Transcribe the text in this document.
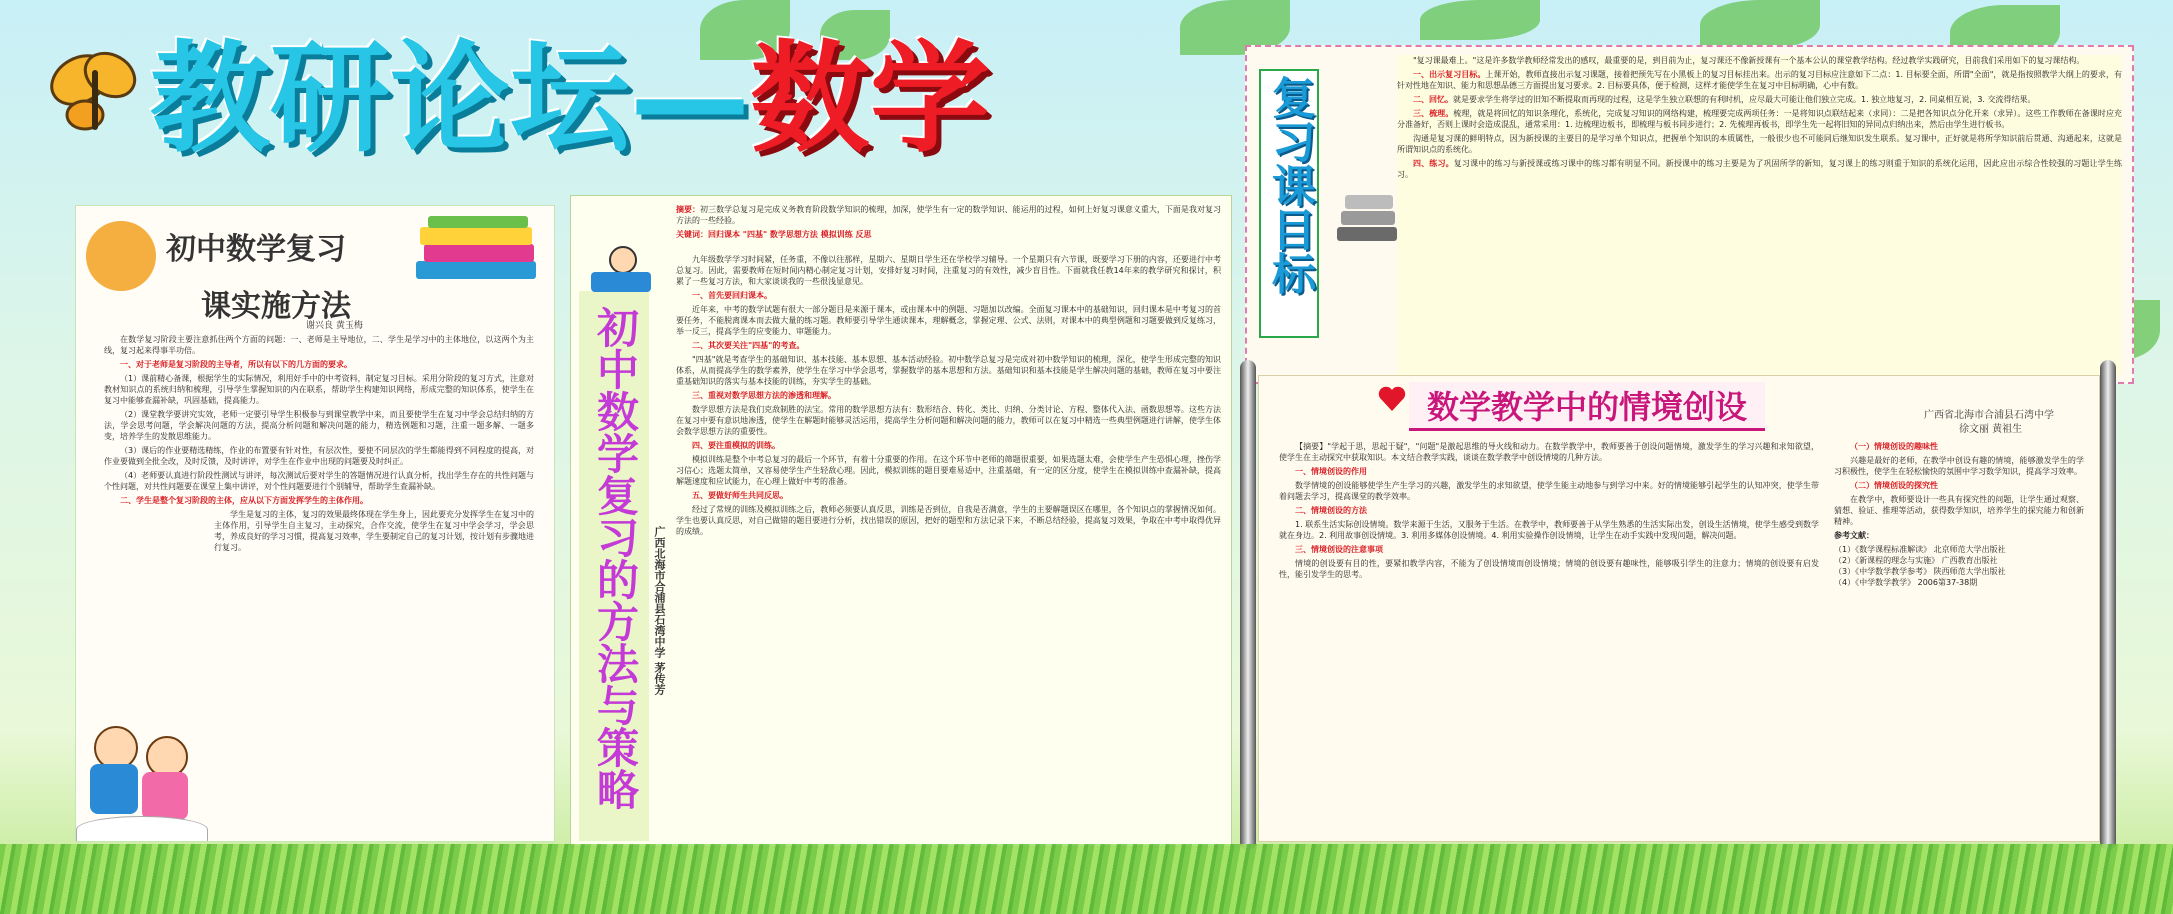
教研论坛—数学
初中数学复习
课实施方法
谢兴良 黄玉梅

在数学复习阶段主要注意抓住两个方面的问题：一、老师是主导地位，二、学生是学习中的主体地位，以这两个为主线，复习起来得事半功倍。

一、对于老师是复习阶段的主导者，所以有以下的几方面的要求。

（1）课前精心备课，根据学生的实际情况，利用好手中的中考资料，制定复习目标。采用分阶段的复习方式，注意对教材知识点的系统归纳和梳理，引导学生掌握知识的内在联系，帮助学生构建知识网络，形成完整的知识体系，使学生在复习中能够查漏补缺，巩固基础，提高能力。

（2）课堂教学要讲究实效，老师一定要引导学生积极参与到课堂教学中来，而且要使学生在复习中学会总结归纳的方法，学会思考问题，学会解决问题的方法，提高分析问题和解决问题的能力，精选例题和习题，注重一题多解、一题多变，培养学生的发散思维能力。

（3）课后的作业要精选精练，作业的布置要有针对性，有层次性，要使不同层次的学生都能得到不同程度的提高，对作业要做到全批全改，及时反馈，及时讲评，对学生在作业中出现的问题要及时纠正。

（4）老师要认真进行阶段性测试与讲评，每次测试后要对学生的答题情况进行认真分析，找出学生存在的共性问题与个性问题，对共性问题要在课堂上集中讲评，对个性问题要进行个别辅导，帮助学生查漏补缺。

二、学生是整个复习阶段的主体，应从以下方面发挥学生的主体作用。

学生是复习的主体，复习的效果最终体现在学生身上，因此要充分发挥学生在复习中的主体作用，引导学生自主复习，主动探究，合作交流，使学生在复习中学会学习，学会思考，养成良好的学习习惯，提高复习效率，学生要制定自己的复习计划，按计划有步骤地进行复习。	初中数学复习的方法与策略 广西北海市合浦县石湾中学 茅传芳

摘要：初三数学总复习是完成义务教育阶段数学知识的梳理，加深，使学生有一定的数学知识、能运用的过程，如何上好复习课意义重大，下面是我对复习方法的一些经验。

关键词：回归课本 "四基" 数学思想方法 模拟训练 反思

九年级数学学习时间紧，任务重，不像以往那样，星期六、星期日学生还在学校学习辅导。一个星期只有六节课，既要学习下册的内容，还要进行中考总复习。因此，需要教师在短时间内精心制定复习计划，安排好复习时间，注重复习的有效性，减少盲目性。下面就我任教14年来的教学研究和探讨，积累了一些复习方法，和大家谈谈我的一些很浅显意见。

一、首先要回归课本。

近年来，中考的数学试题有很大一部分题目是来源于课本，或由课本中的例题、习题加以改编。全面复习课本中的基础知识，回归课本是中考复习的首要任务，不能脱离课本而去做大量的练习题。教师要引导学生通读课本，理解概念，掌握定理、公式、法则，对课本中的典型例题和习题要做到反复练习，举一反三，提高学生的应变能力、审题能力。

二、其次要关注"四基"的考查。

"四基"就是考查学生的基础知识、基本技能、基本思想、基本活动经验。初中数学总复习是完成对初中数学知识的梳理，深化，使学生形成完整的知识体系，从而提高学生的数学素养，使学生在学习中学会思考，掌握数学的基本思想和方法。基础知识和基本技能是学生解决问题的基础，教师在复习中要注重基础知识的落实与基本技能的训练，夯实学生的基础。

三、重视对数学思想方法的渗透和理解。

数学思想方法是我们克敌制胜的法宝。常用的数学思想方法有：数形结合、转化、类比、归纳、分类讨论、方程、整体代入法、函数思想等。这些方法在复习中要有意识地渗透，使学生在解题时能够灵活运用，提高学生分析问题和解决问题的能力，教师可以在复习中精选一些典型例题进行讲解，使学生体会数学思想方法的重要性。

四、要注重模拟的训练。

模拟训练是整个中考总复习的最后一个环节，有着十分重要的作用。在这个环节中老师的筛题很重要，如果选题太难，会使学生产生恐惧心理，挫伤学习信心；选题太简单，又容易使学生产生轻敌心理。因此，模拟训练的题目要难易适中，注重基础，有一定的区分度，使学生在模拟训练中查漏补缺，提高解题速度和应试能力，在心理上做好中考的准备。

五、要做好师生共同反思。

经过了常规的训练及模拟训练之后，教师必须要认真反思，训练是否到位，自我是否满意，学生的主要解题误区在哪里，各个知识点的掌握情况如何。学生也要认真反思，对自己做错的题目要进行分析，找出错误的原因，把好的题型和方法记录下来，不断总结经验，提高复习效果，争取在中考中取得优异的成绩。

复习课目标

"复习课最难上。"这是许多数学教师经常发出的感叹，最重要的是，到目前为止，复习课还不像新授课有一个基本公认的课堂教学结构。经过教学实践研究，目前我们采用如下的复习课结构。

一、出示复习目标。上课开始，教师直接出示复习课题，接着把预先写在小黑板上的复习目标挂出来。出示的复习目标应注意如下二点：1. 目标要全面，所谓"全面"，就是指按照教学大纲上的要求，有针对性地在知识、能力和思想品德三方面提出复习要求。2. 目标要具体，便于检测，这样才能使学生在复习中目标明确，心中有数。

二、回忆。就是要求学生将学过的旧知不断提取而再现的过程，这是学生独立联想的有利时机，应尽最大可能让他们独立完成。1. 独立地复习，2. 同桌相互说，3. 交流得结果。

三、梳理。梳理，就是将回忆的知识条理化，系统化，完成复习知识的网络构建，梳理要完成两项任务：一是将知识点联结起来（求同）：二是把各知识点分化开来（求异）。这些工作教师在备课时应充分准备好，否则上课时会造成混乱，通常采用：1. 边梳理边板书，即梳理与板书同步进行；2. 先梳理再板书，即学生先一起将旧知的异同点归纳出来，然后由学生进行板书。

沟通是复习课的鲜明特点，因为新授课的主要目的是学习单个知识点，把握单个知识的本质属性，一般很少也不可能同后继知识发生联系。复习课中，正好就是将所学知识前后贯通、沟通起来，这就是所谓知识点的系统化。

四、练习。复习课中的练习与新授课或练习课中的练习都有明显不同。新授课中的练习主要是为了巩固所学的新知，复习课上的练习则重于知识的系统化运用，因此应出示综合性较强的习题让学生练习。

数学教学中的情境创设	广西省北海市合浦县石湾中学
徐文丽 黄祖生

【摘要】"学起于思，思起于疑"，"问题"是激起思维的导火线和动力。在数学教学中，教师要善于创设问题情境，激发学生的学习兴趣和求知欲望，使学生在主动探究中获取知识。本文结合教学实践，谈谈在数学教学中创设情境的几种方法。

一、情境创设的作用

数学情境的创设能够使学生产生学习的兴趣，激发学生的求知欲望，使学生能主动地参与到学习中来。好的情境能够引起学生的认知冲突，使学生带着问题去学习，提高课堂的教学效率。

二、情境创设的方法

1. 联系生活实际创设情境。数学来源于生活，又服务于生活。在教学中，教师要善于从学生熟悉的生活实际出发，创设生活情境，使学生感受到数学就在身边。2. 利用故事创设情境。3. 利用多媒体创设情境。4. 利用实验操作创设情境，让学生在动手实践中发现问题，解决问题。

三、情境创设的注意事项

情境的创设要有目的性，要紧扣教学内容，不能为了创设情境而创设情境；情境的创设要有趣味性，能够吸引学生的注意力；情境的创设要有启发性，能引发学生的思考。

（一）情境创设的趣味性

兴趣是最好的老师，在教学中创设有趣的情境，能够激发学生的学习积极性，使学生在轻松愉快的氛围中学习数学知识，提高学习效率。

（二）情境创设的探究性

在教学中，教师要设计一些具有探究性的问题，让学生通过观察、猜想、验证、推理等活动，获得数学知识，培养学生的探究能力和创新精神。

参考文献：

（1）《数学课程标准解读》 北京师范大学出版社
（2）《新课程的理念与实施》 广西教育出版社
（3）《中学数学教学参考》 陕西师范大学出版社
（4）《中学数学教学》 2006第37-38期
